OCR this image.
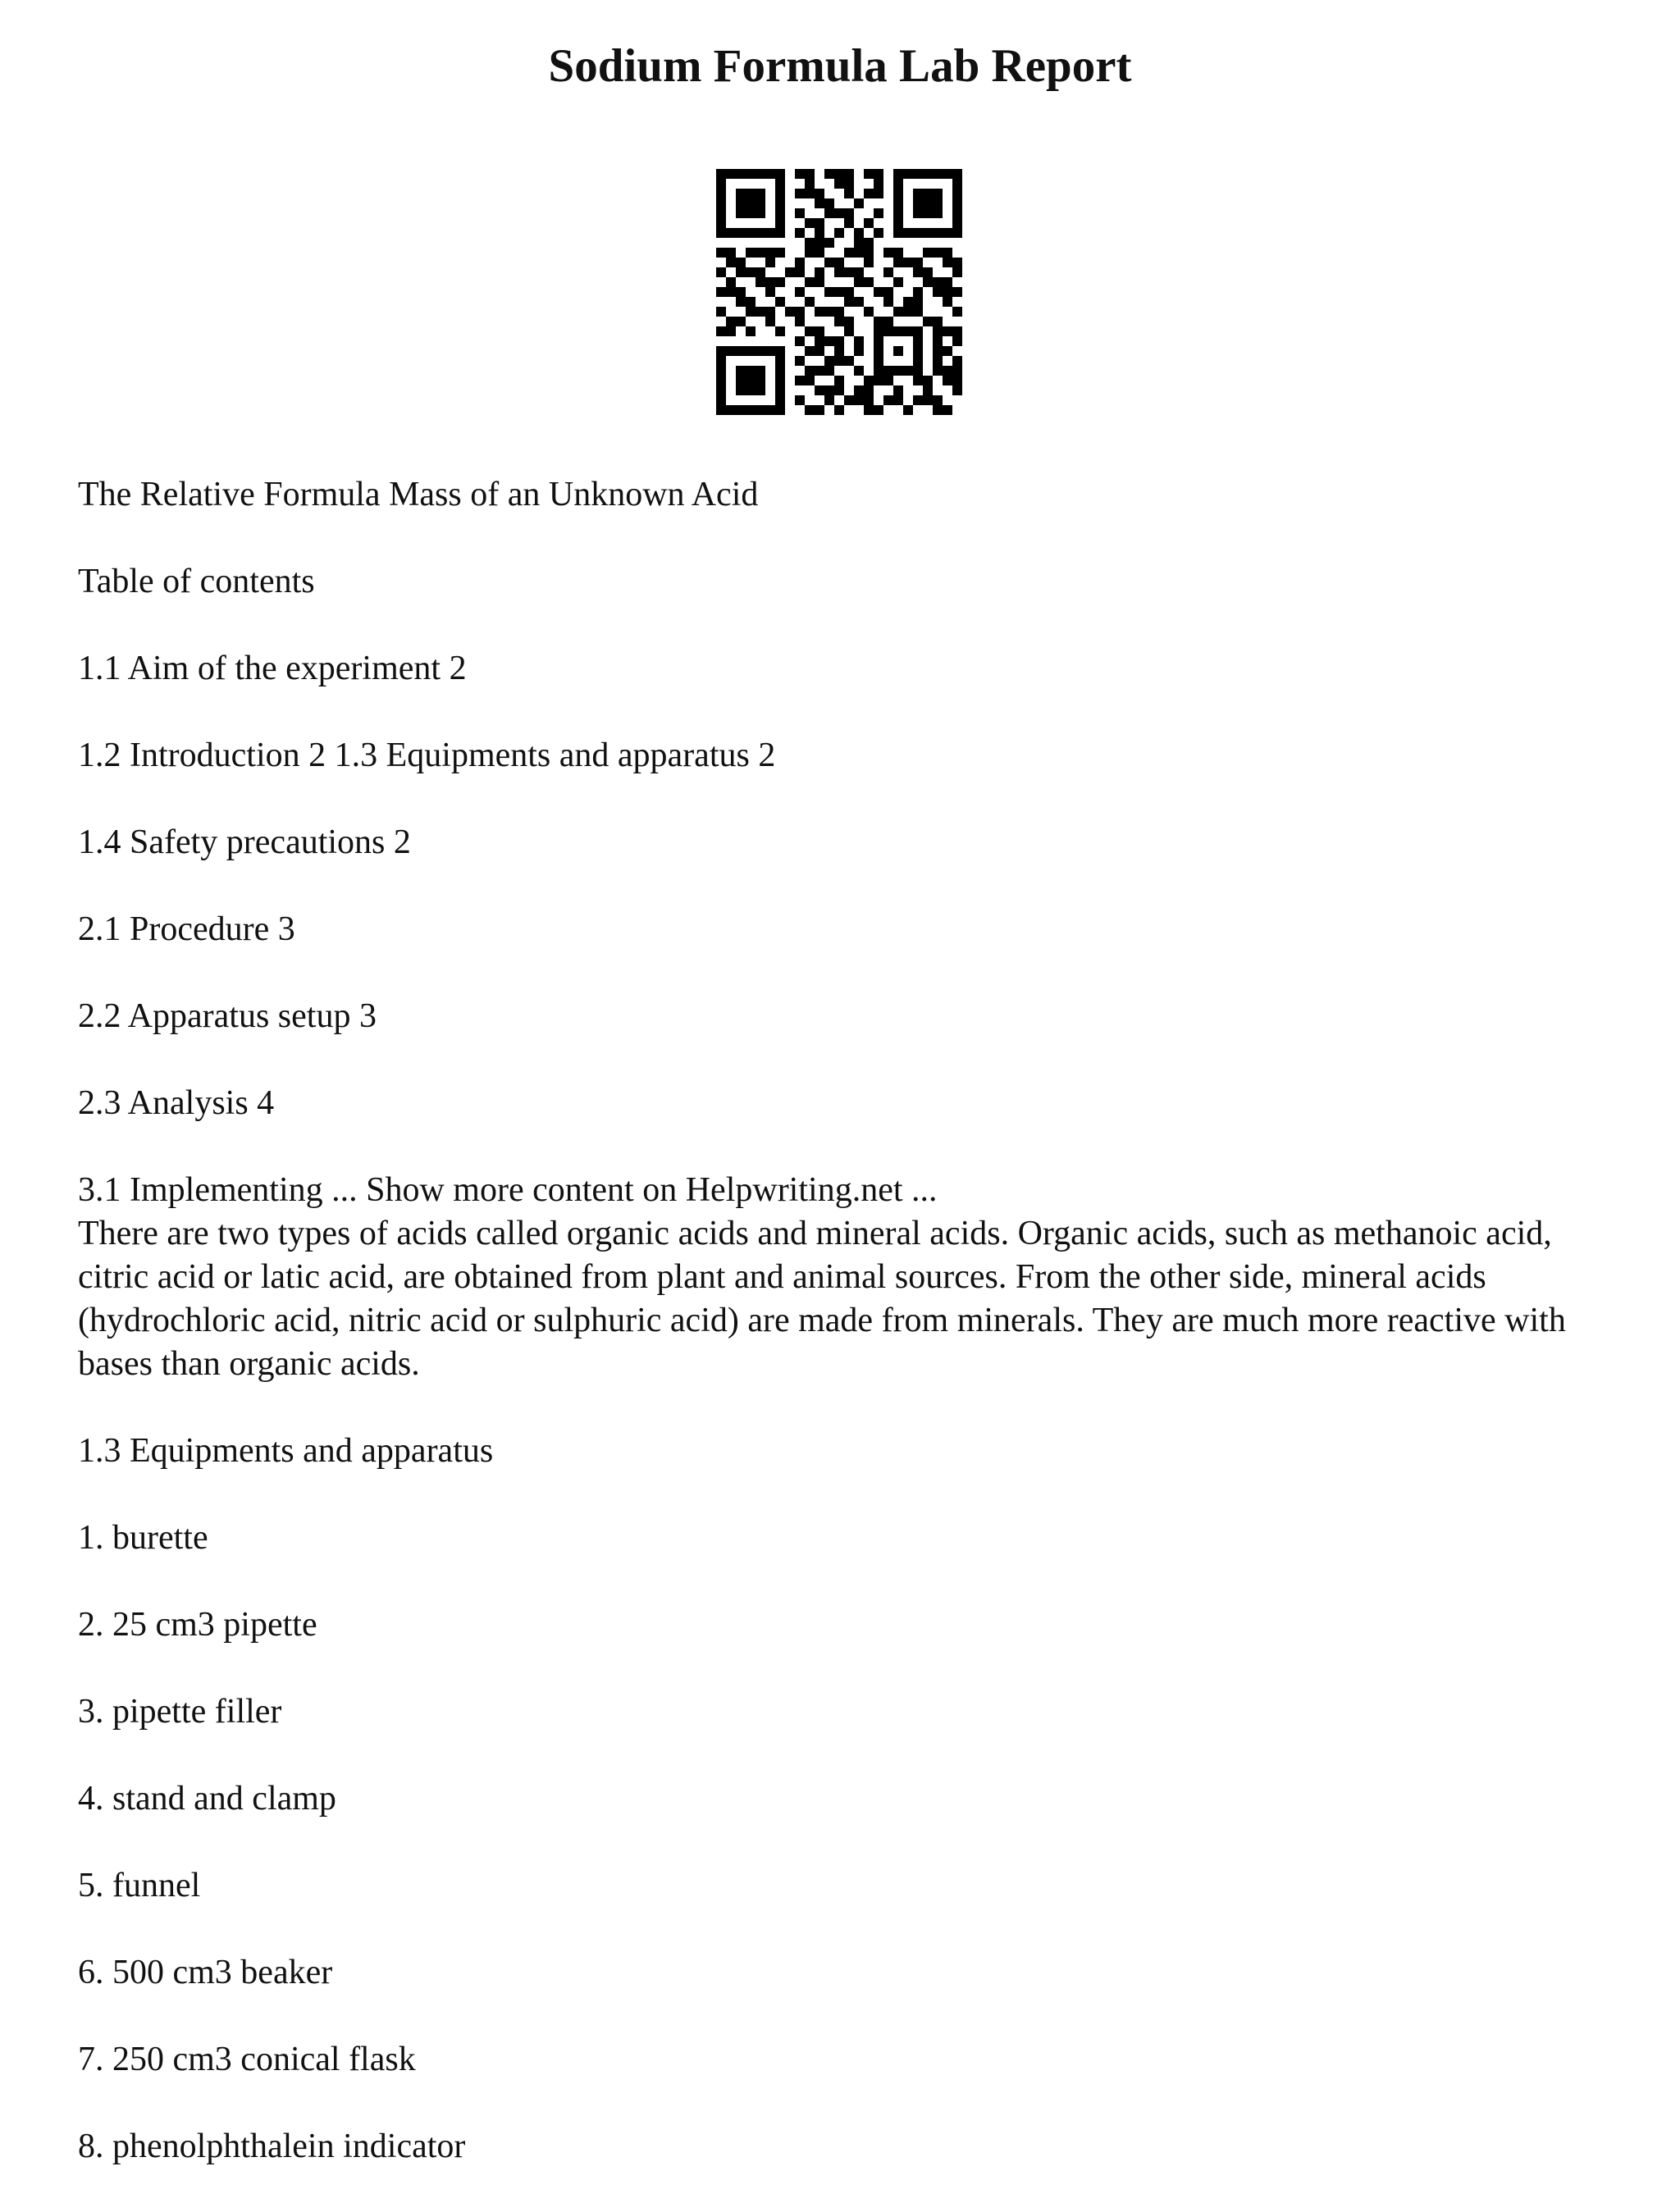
Sodium Formula Lab Report

The Relative Formula Mass of an Unknown Acid

Table of contents

1.1 Aim of the experiment 2

1.2 Introduction 2 1.3 Equipments and apparatus 2

1.4 Safety precautions 2

2.1 Procedure 3

2.2 Apparatus setup 3

2.3 Analysis 4

3.1 Implementing ... Show more content on Helpwriting.net ...

There are two types of acids called organic acids and mineral acids. Organic acids, such as methanoic acid, citric acid or latic acid, are obtained from plant and animal sources. From the other side, mineral acids (hydrochloric acid, nitric acid or sulphuric acid) are made from minerals. They are much more reactive with bases than organic acids.

1.3 Equipments and apparatus

1. burette

2. 25 cm3 pipette

3. pipette filler

4. stand and clamp

5. funnel

6. 500 cm3 beaker

7. 250 cm3 conical flask

8. phenolphthalein indicator
